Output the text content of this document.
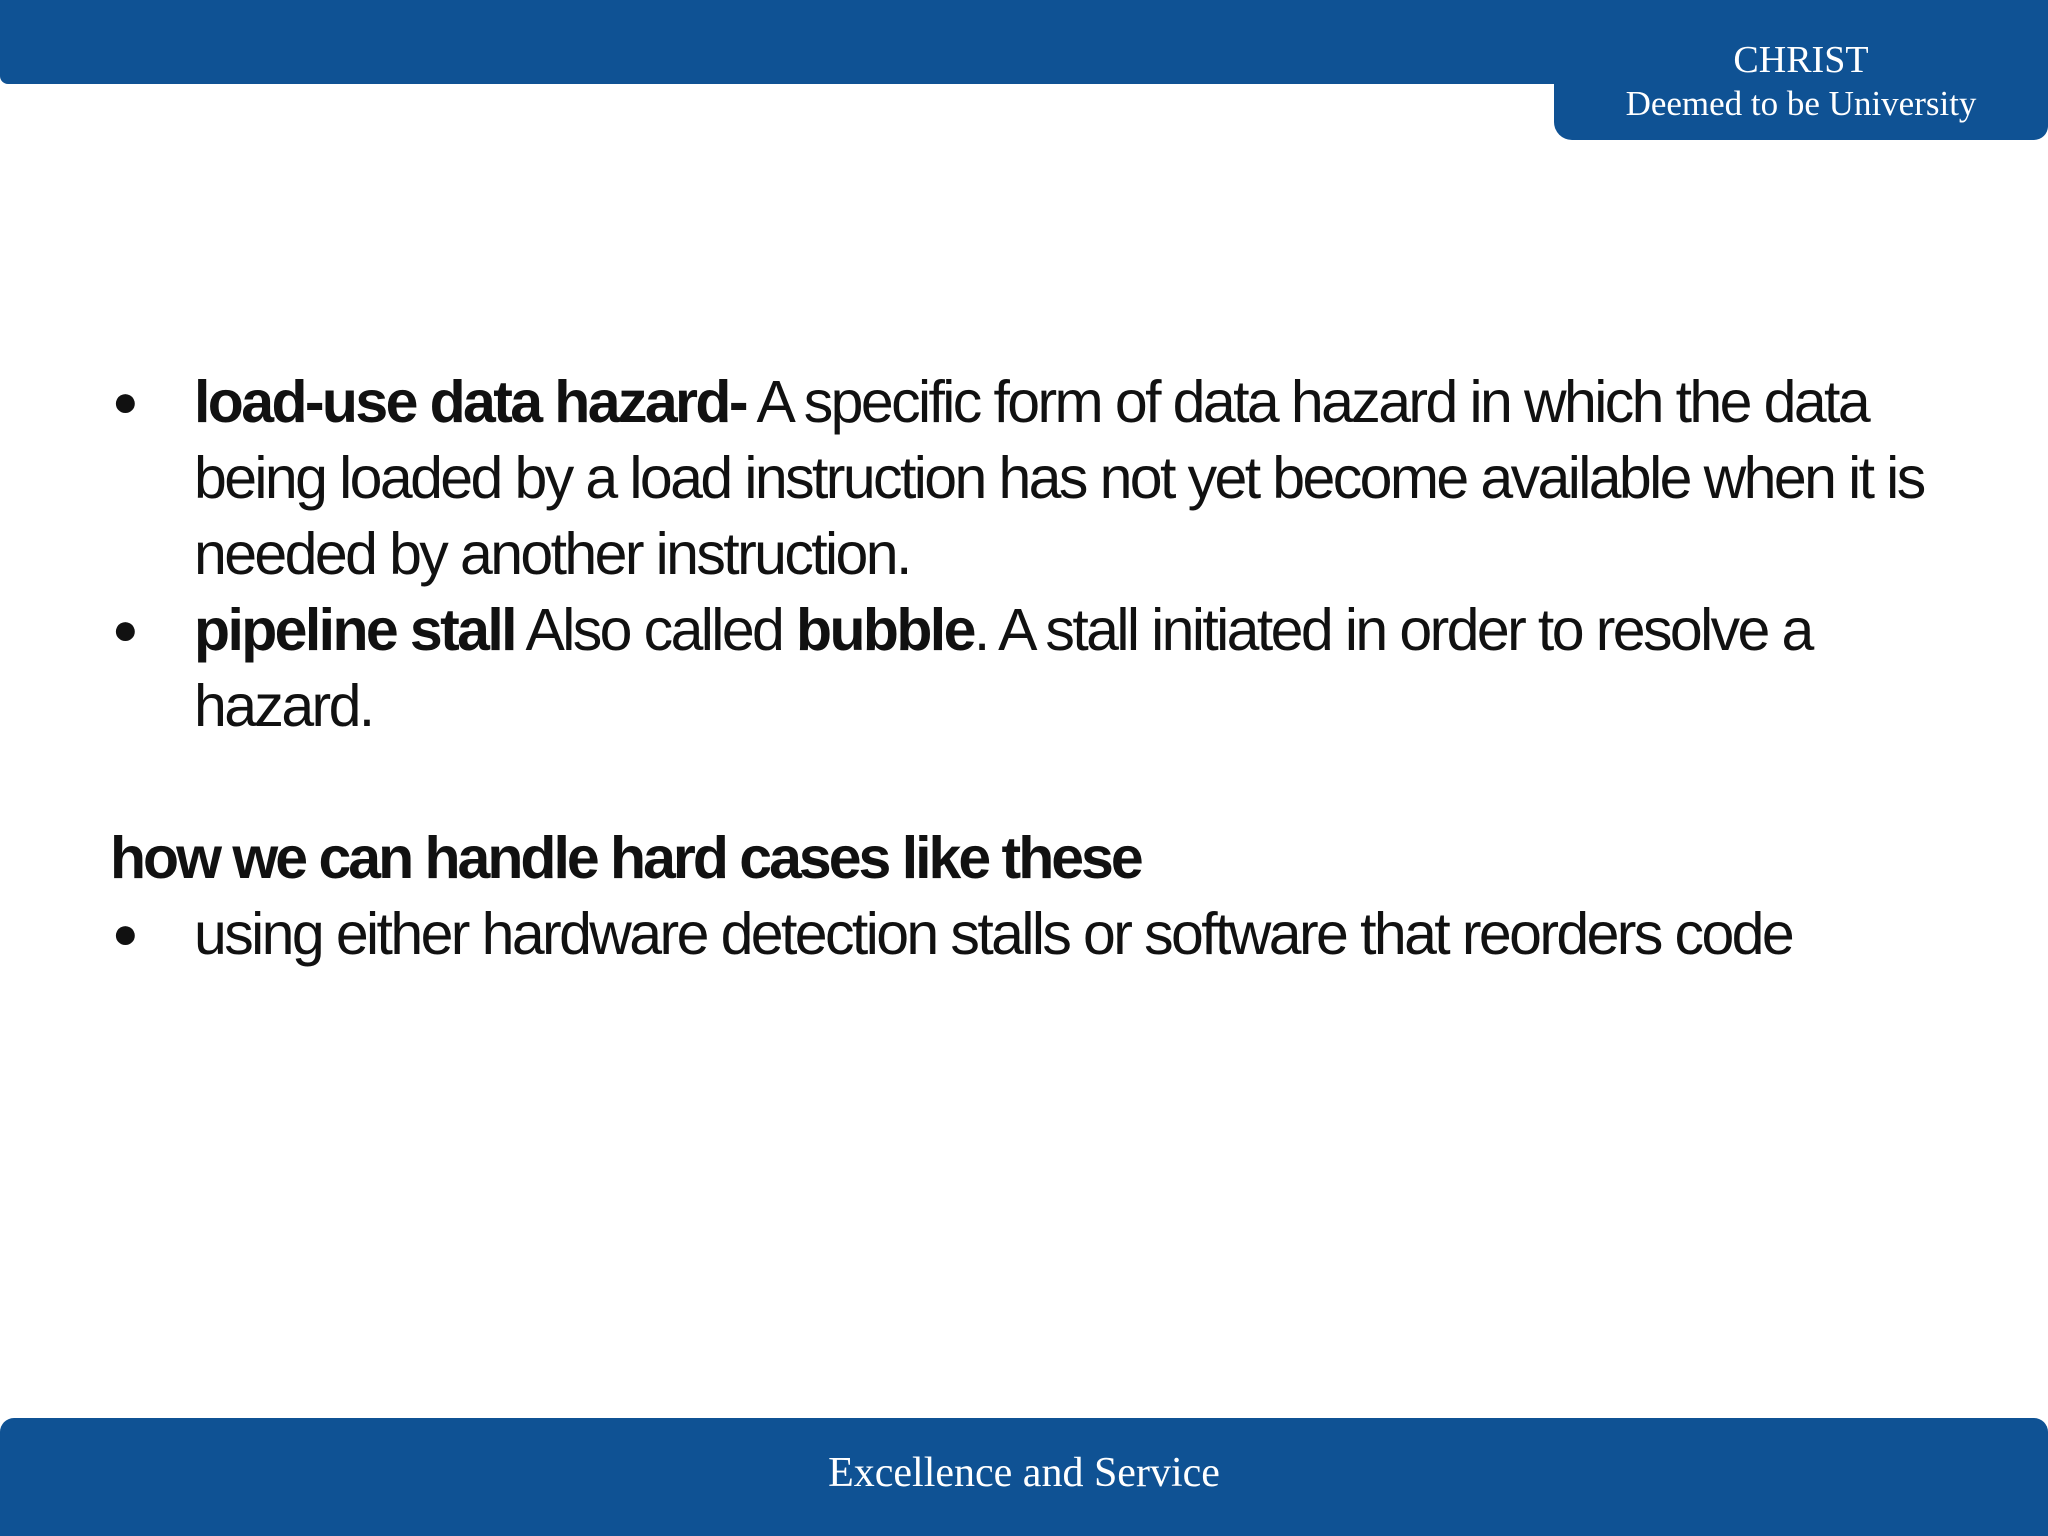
CHRIST
Deemed to be University

● load-use data hazard- A specific form of data hazard in which the data being loaded by a load instruction has not yet become available when it is needed by another instruction.

● pipeline stall Also called bubble. A stall initiated in order to resolve a hazard.

how we can handle hard cases like these

● using either hardware detection stalls or software that reorders code

Excellence and Service
